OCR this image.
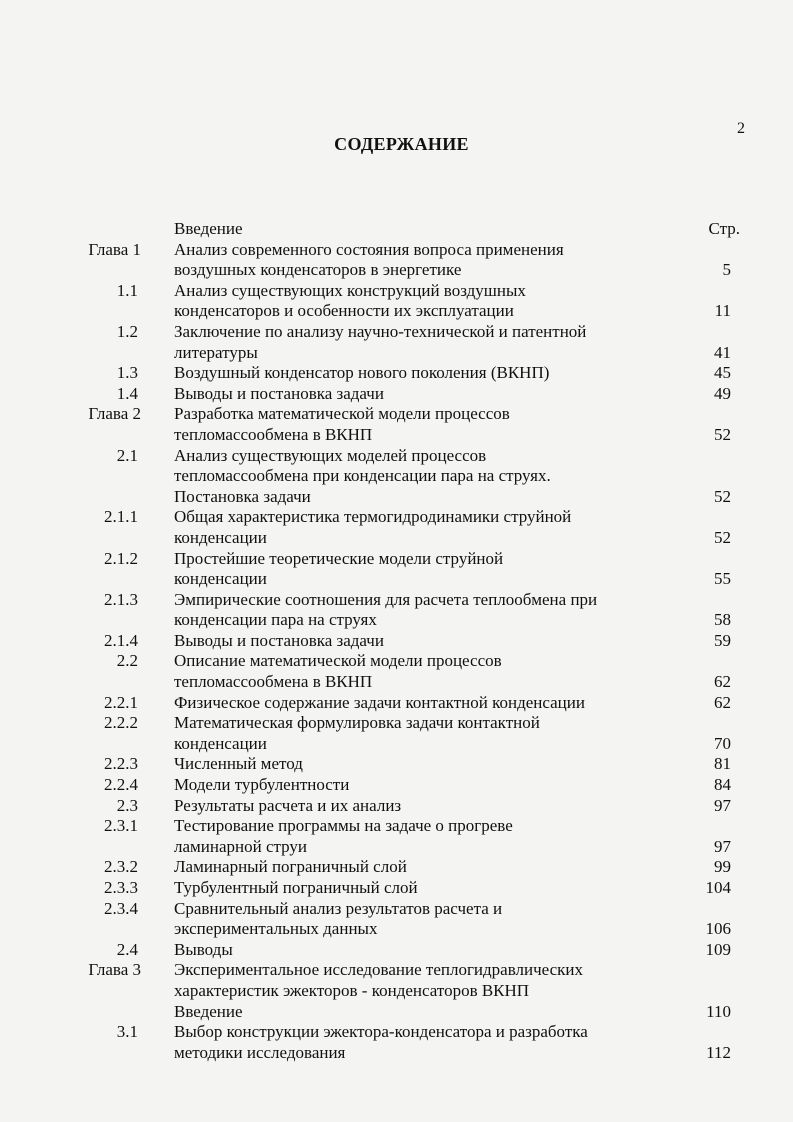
2
СОДЕРЖАНИЕ
Введение	Стр.
Глава 1 Анализ современного состояния вопроса применения
воздушных конденсаторов в энергетике	5
1.1 Анализ существующих конструкций воздушных
конденсаторов и особенности их эксплуатации	11
1.2 Заключение по анализу научно-технической и патентной
литературы	41
1.3 Воздушный конденсатор нового поколения (ВКНП)	45
1.4 Выводы и постановка задачи	49
Глава 2 Разработка математической модели процессов
тепломассообмена в ВКНП	52
2.1 Анализ существующих моделей процессов
тепломассообмена при конденсации пара на струях.
Постановка задачи	52
2.1.1 Общая характеристика термогидродинамики струйной
конденсации	52
2.1.2 Простейшие теоретические модели струйной
конденсации	55
2.1.3 Эмпирические соотношения для расчета теплообмена при
конденсации пара на струях	58
2.1.4 Выводы и постановка задачи	59
2.2 Описание математической модели процессов
тепломассообмена в ВКНП	62
2.2.1 Физическое содержание задачи контактной конденсации	62
2.2.2 Математическая формулировка задачи контактной
конденсации	70
2.2.3 Численный метод	81
2.2.4 Модели турбулентности	84
2.3 Результаты расчета и их анализ	97
2.3.1 Тестирование программы на задаче о прогреве
ламинарной струи	97
2.3.2 Ламинарный пограничный слой	99
2.3.3 Турбулентный пограничный слой	104
2.3.4 Сравнительный анализ результатов расчета и
экспериментальных данных	106
2.4 Выводы	109
Глава 3 Экспериментальное исследование теплогидравлических
характеристик эжекторов - конденсаторов ВКНП
Введение	110
3.1 Выбор конструкции эжектора-конденсатора и разработка
методики исследования	112
